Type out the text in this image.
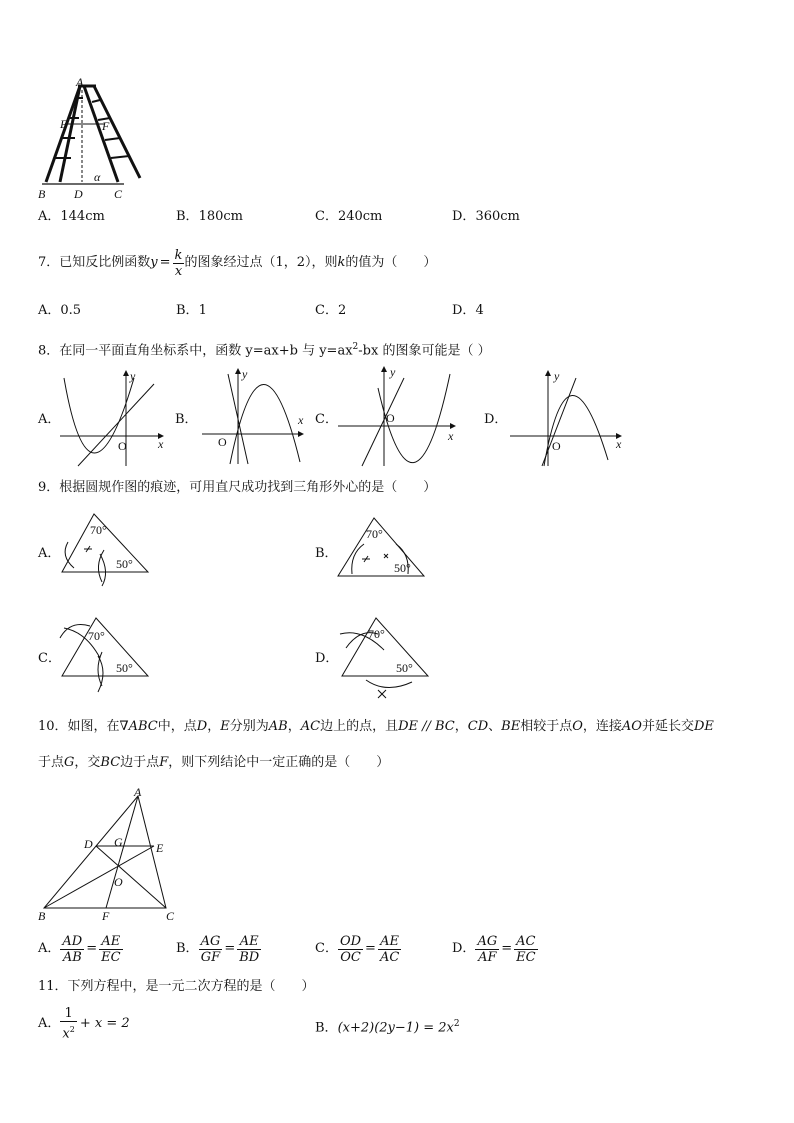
A
E	F
B D	C
α
A．144cm	B．180cm	C．240cm	D．360cm
7．已知反比例函数 $y = \frac{k}{x}$ 的图象经过点（1，2），则 k 的值为（　　）
A．0.5	B．1	C．2	D．4
8．在同一平面直角坐标系中，函数 y=ax+b 与 $y=ax^2-bx$ 的图象可能是（ ）
A．
y
x
O
B．
y
x
O
C．
y
x
O	D．
y
x
O
9．根据圆规作图的痕迹，可用直尺成功找到三角形外心的是（　　）
A．
70°
50°
B．
70°
50°
C．
70°
50°
D．
70°
50°
10．如图，在∇ABC中，点D，E分别为AB，AC边上的点，且DE // BC，CD、BE相较于点O，连接AO并延长交DE
于点G，交BC边于点F，则下列结论中一定正确的是（　　）
A
D G	E
O
B	F	C
A． $\frac{AD}{AB} = \frac{AE}{EC}$	B． $\frac{AG}{GF} = \frac{AE}{BD}$	C． $\frac{OD}{OC} = \frac{AE}{AC}$	D． $\frac{AG}{AF} = \frac{AC}{EC}$
11．下列方程中，是一元二次方程的是（　　）
A． $\frac{1}{x^2} + x = 2$	B．$(x+2)(2y-1) = 2x^2$
